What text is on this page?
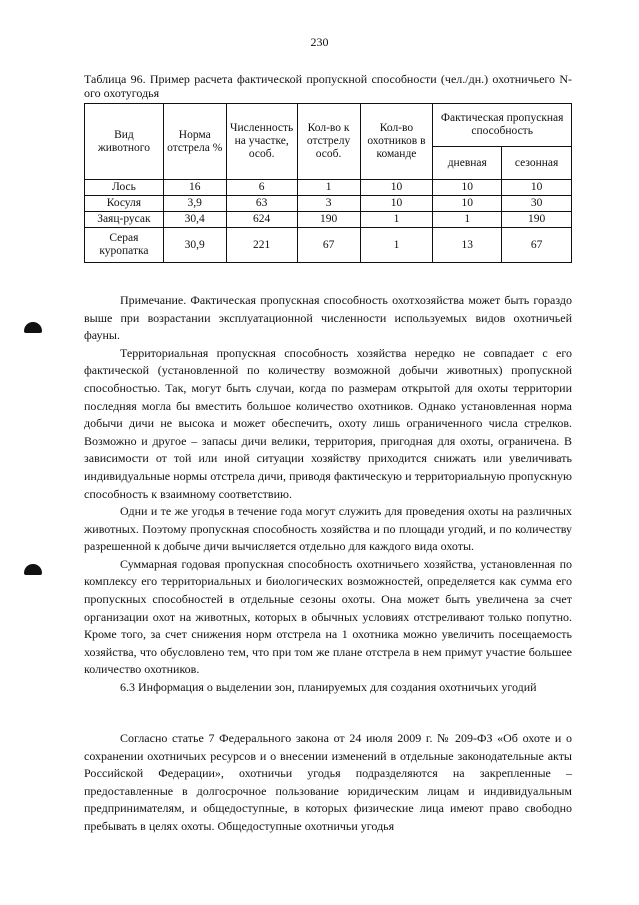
230
Таблица 96. Пример расчета фактической пропускной способности (чел./дн.) охотничьего N-ого охотугодья
Вид животного	Норма отстрела %	Численность на участке, особ.	Кол-во к отстрелу особ.	Кол-во охотников в команде	Фактическая пропускная способность	
					дневная	сезонная
Лось	16	6	1	10	10	10
Косуля	3,9	63	3	10	10	30
Заяц-русак	30,4	624	190	1	1	190
Серая куропатка	30,9	221	67	1	13	67

Примечание. Фактическая пропускная способность охотхозяйства может быть гораздо выше при возрастании эксплуатационной численности используемых видов охотничьей фауны.

Территориальная пропускная способность хозяйства нередко не совпадает с его фактической (установленной по количеству возможной добычи животных) пропускной способностью. Так, могут быть случаи, когда по размерам открытой для охоты территории последняя могла бы вместить большое количество охотников. Однако установленная норма добычи дичи не высока и может обеспечить, охоту лишь ограниченного числа стрелков. Возможно и другое – запасы дичи велики, территория, пригодная для охоты, ограничена. В зависимости от той или иной ситуации хозяйству приходится снижать или увеличивать индивидуальные нормы отстрела дичи, приводя фактическую и территориальную пропускную способность к взаимному соответствию.

Одни и те же угодья в течение года могут служить для проведения охоты на различных животных. Поэтому пропускная способность хозяйства и по площади угодий, и по количеству разрешенной к добыче дичи вычисляется отдельно для каждого вида охоты.

Суммарная годовая пропускная способность охотничьего хозяйства, установленная по комплексу его территориальных и биологических возможностей, определяется как сумма его пропускных способностей в отдельные сезоны охоты. Она может быть увеличена за счет организации охот на животных, которых в обычных условиях отстреливают только попутно. Кроме того, за счет снижения норм отстрела на 1 охотника можно увеличить посещаемость хозяйства, что обусловлено тем, что при том же плане отстрела в нем примут участие большее количество охотников.

6.3 Информация о выделении зон, планируемых для создания охотничьих угодий

Согласно статье 7 Федерального закона от 24 июля 2009 г. № 209-ФЗ «Об охоте и о сохранении охотничьих ресурсов и о внесении изменений в отдельные законодательные акты Российской Федерации», охотничьи угодья подразделяются на закрепленные – предоставленные в долгосрочное пользование юридическим лицам и индивидуальным предпринимателям, и общедоступные, в которых физические лица имеют право свободно пребывать в целях охоты. Общедоступные охотничьи угодья
